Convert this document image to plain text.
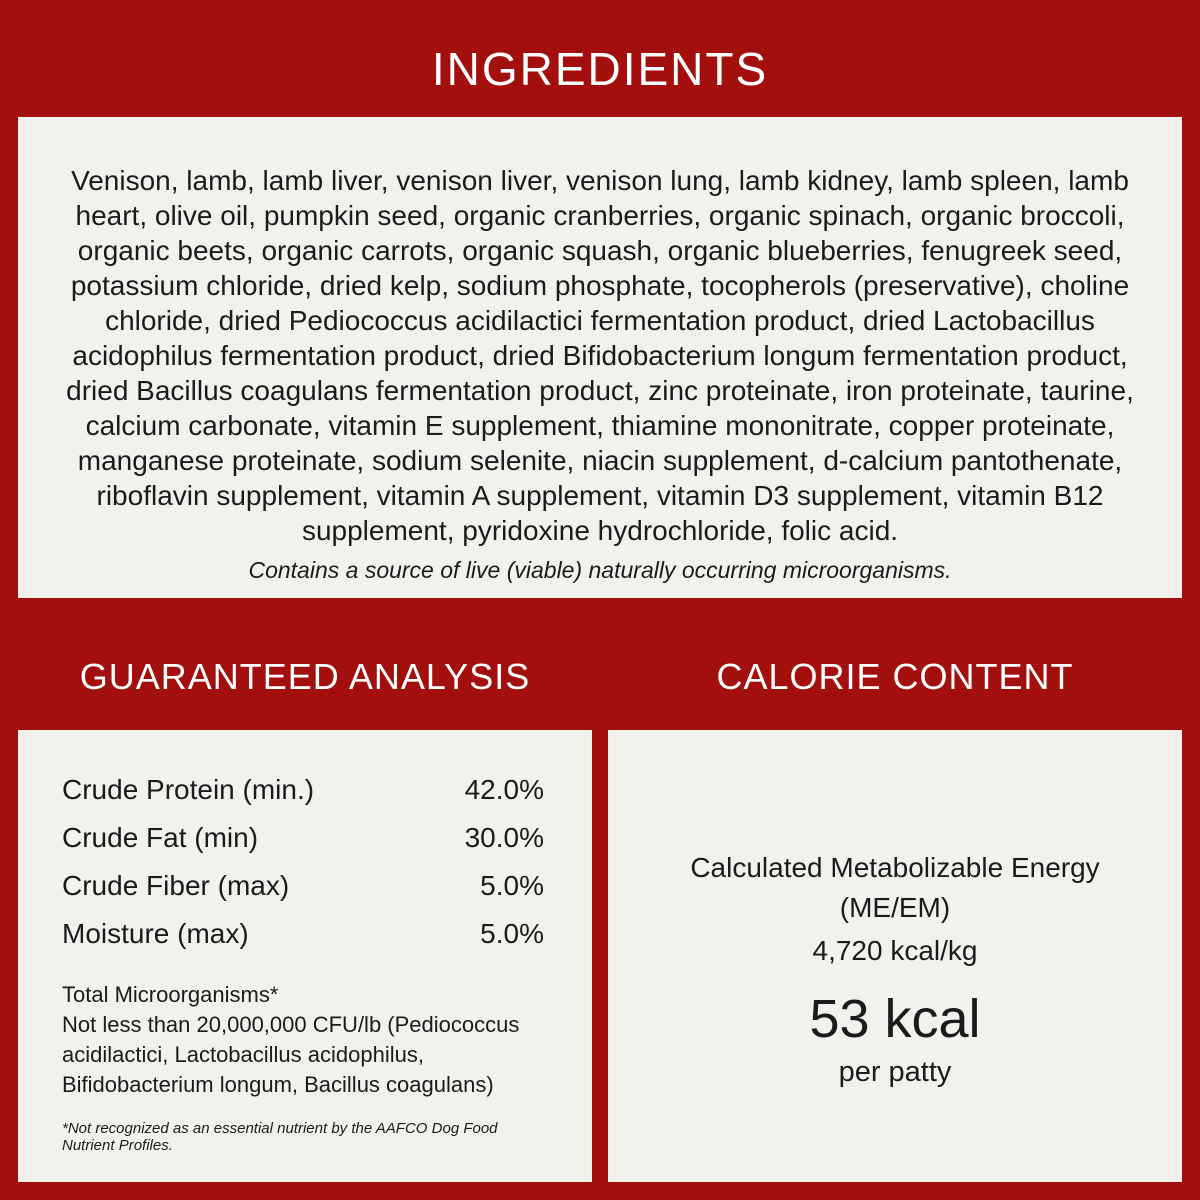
INGREDIENTS

Venison, lamb, lamb liver, venison liver, venison lung, lamb kidney, lamb spleen, lamb heart, olive oil, pumpkin seed, organic cranberries, organic spinach, organic broccoli, organic beets, organic carrots, organic squash, organic blueberries, fenugreek seed, potassium chloride, dried kelp, sodium phosphate, tocopherols (preservative), choline chloride, dried Pediococcus acidilactici fermentation product, dried Lactobacillus acidophilus fermentation product, dried Bifidobacterium longum fermentation product, dried Bacillus coagulans fermentation product, zinc proteinate, iron proteinate, taurine, calcium carbonate, vitamin E supplement, thiamine mononitrate, copper proteinate, manganese proteinate, sodium selenite, niacin supplement, d-calcium pantothenate, riboflavin supplement, vitamin A supplement, vitamin D3 supplement, vitamin B12 supplement, pyridoxine hydrochloride, folic acid.

Contains a source of live (viable) naturally occurring microorganisms.

GUARANTEED ANALYSIS	CALORIE CONTENT
Crude Protein (min.)	42.0%
Crude Fat (min)	30.0%
Crude Fiber (max)	5.0%
Moisture (max)	5.0%
Total Microorganisms*
Not less than 20,000,000 CFU/lb (Pediococcus acidilactici, Lactobacillus acidophilus, Bifidobacterium longum, Bacillus coagulans)

*Not recognized as an essential nutrient by the AAFCO Dog Food Nutrient Profiles.

Calculated Metabolizable Energy (ME/EM)

4,720 kcal/kg

53 kcal

per patty
